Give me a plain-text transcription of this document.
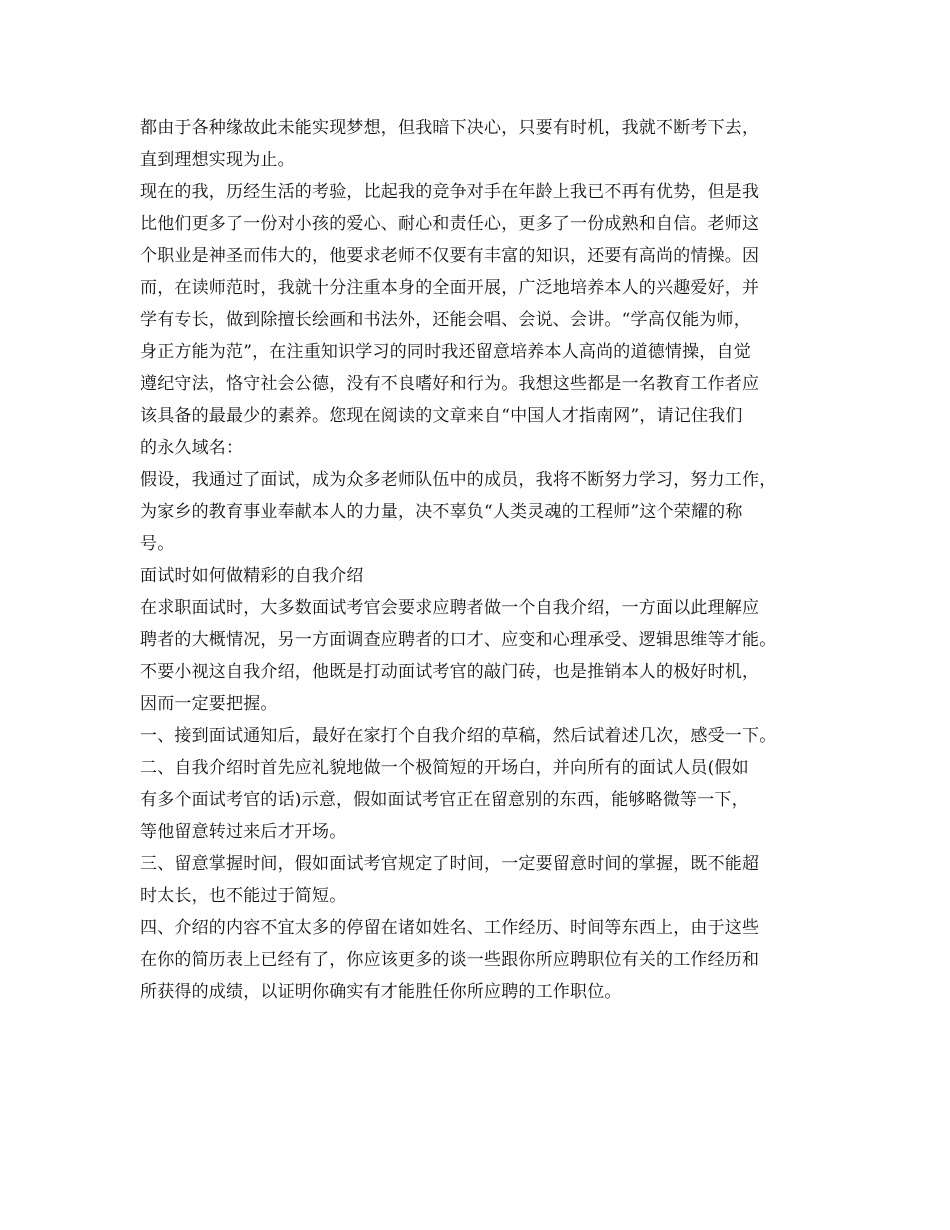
都由于各种缘故此未能实现梦想，但我暗下决心，只要有时机，我就不断考下去，
直到理想实现为止。
现在的我，历经生活的考验，比起我的竞争对手在年龄上我已不再有优势，但是我
比他们更多了一份对小孩的爱心、耐心和责任心，更多了一份成熟和自信。老师这
个职业是神圣而伟大的，他要求老师不仅要有丰富的知识，还要有高尚的情操。因
而，在读师范时，我就十分注重本身的全面开展，广泛地培养本人的兴趣爱好，并
学有专长，做到除擅长绘画和书法外，还能会唱、会说、会讲。“学高仅能为师，
身正方能为范”，在注重知识学习的同时我还留意培养本人高尚的道德情操，自觉
遵纪守法，恪守社会公德，没有不良嗜好和行为。我想这些都是一名教育工作者应
该具备的最最少的素养。您现在阅读的文章来自“中国人才指南网”，请记住我们
的永久域名：
假设，我通过了面试，成为众多老师队伍中的成员，我将不断努力学习，努力工作，
为家乡的教育事业奉献本人的力量，决不辜负“人类灵魂的工程师”这个荣耀的称
号。
面试时如何做精彩的自我介绍
在求职面试时，大多数面试考官会要求应聘者做一个自我介绍，一方面以此理解应
聘者的大概情况，另一方面调查应聘者的口才、应变和心理承受、逻辑思维等才能。
不要小视这自我介绍，他既是打动面试考官的敲门砖，也是推销本人的极好时机，
因而一定要把握。
一、接到面试通知后，最好在家打个自我介绍的草稿，然后试着述几次，感受一下。
二、自我介绍时首先应礼貌地做一个极简短的开场白，并向所有的面试人员(假如
有多个面试考官的话)示意，假如面试考官正在留意别的东西，能够略微等一下，
等他留意转过来后才开场。
三、留意掌握时间，假如面试考官规定了时间，一定要留意时间的掌握，既不能超
时太长，也不能过于简短。
四、介绍的内容不宜太多的停留在诸如姓名、工作经历、时间等东西上，由于这些
在你的简历表上已经有了，你应该更多的谈一些跟你所应聘职位有关的工作经历和
所获得的成绩，以证明你确实有才能胜任你所应聘的工作职位。
